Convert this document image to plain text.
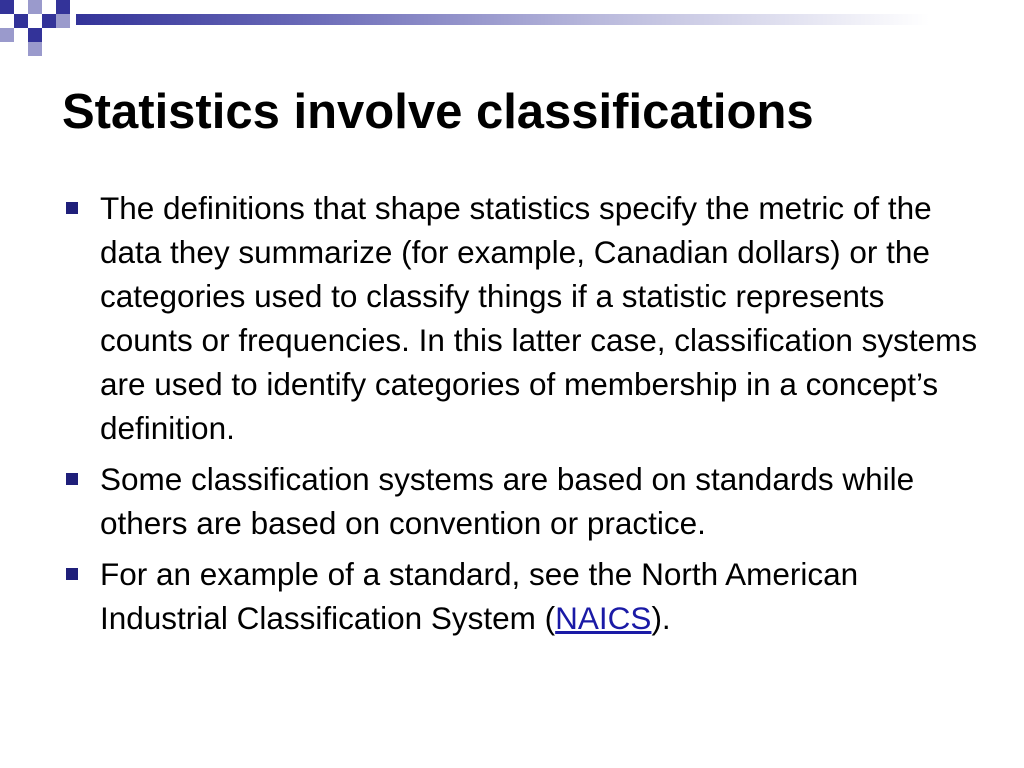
Statistics involve classifications
The definitions that shape statistics specify the metric of the data they summarize (for example, Canadian dollars) or the categories used to classify things if a statistic represents counts or frequencies. In this latter case, classification systems are used to identify categories of membership in a concept’s definition.
Some classification systems are based on standards while others are based on convention or practice.
For an example of a standard, see the North American Industrial Classification System (NAICS).
